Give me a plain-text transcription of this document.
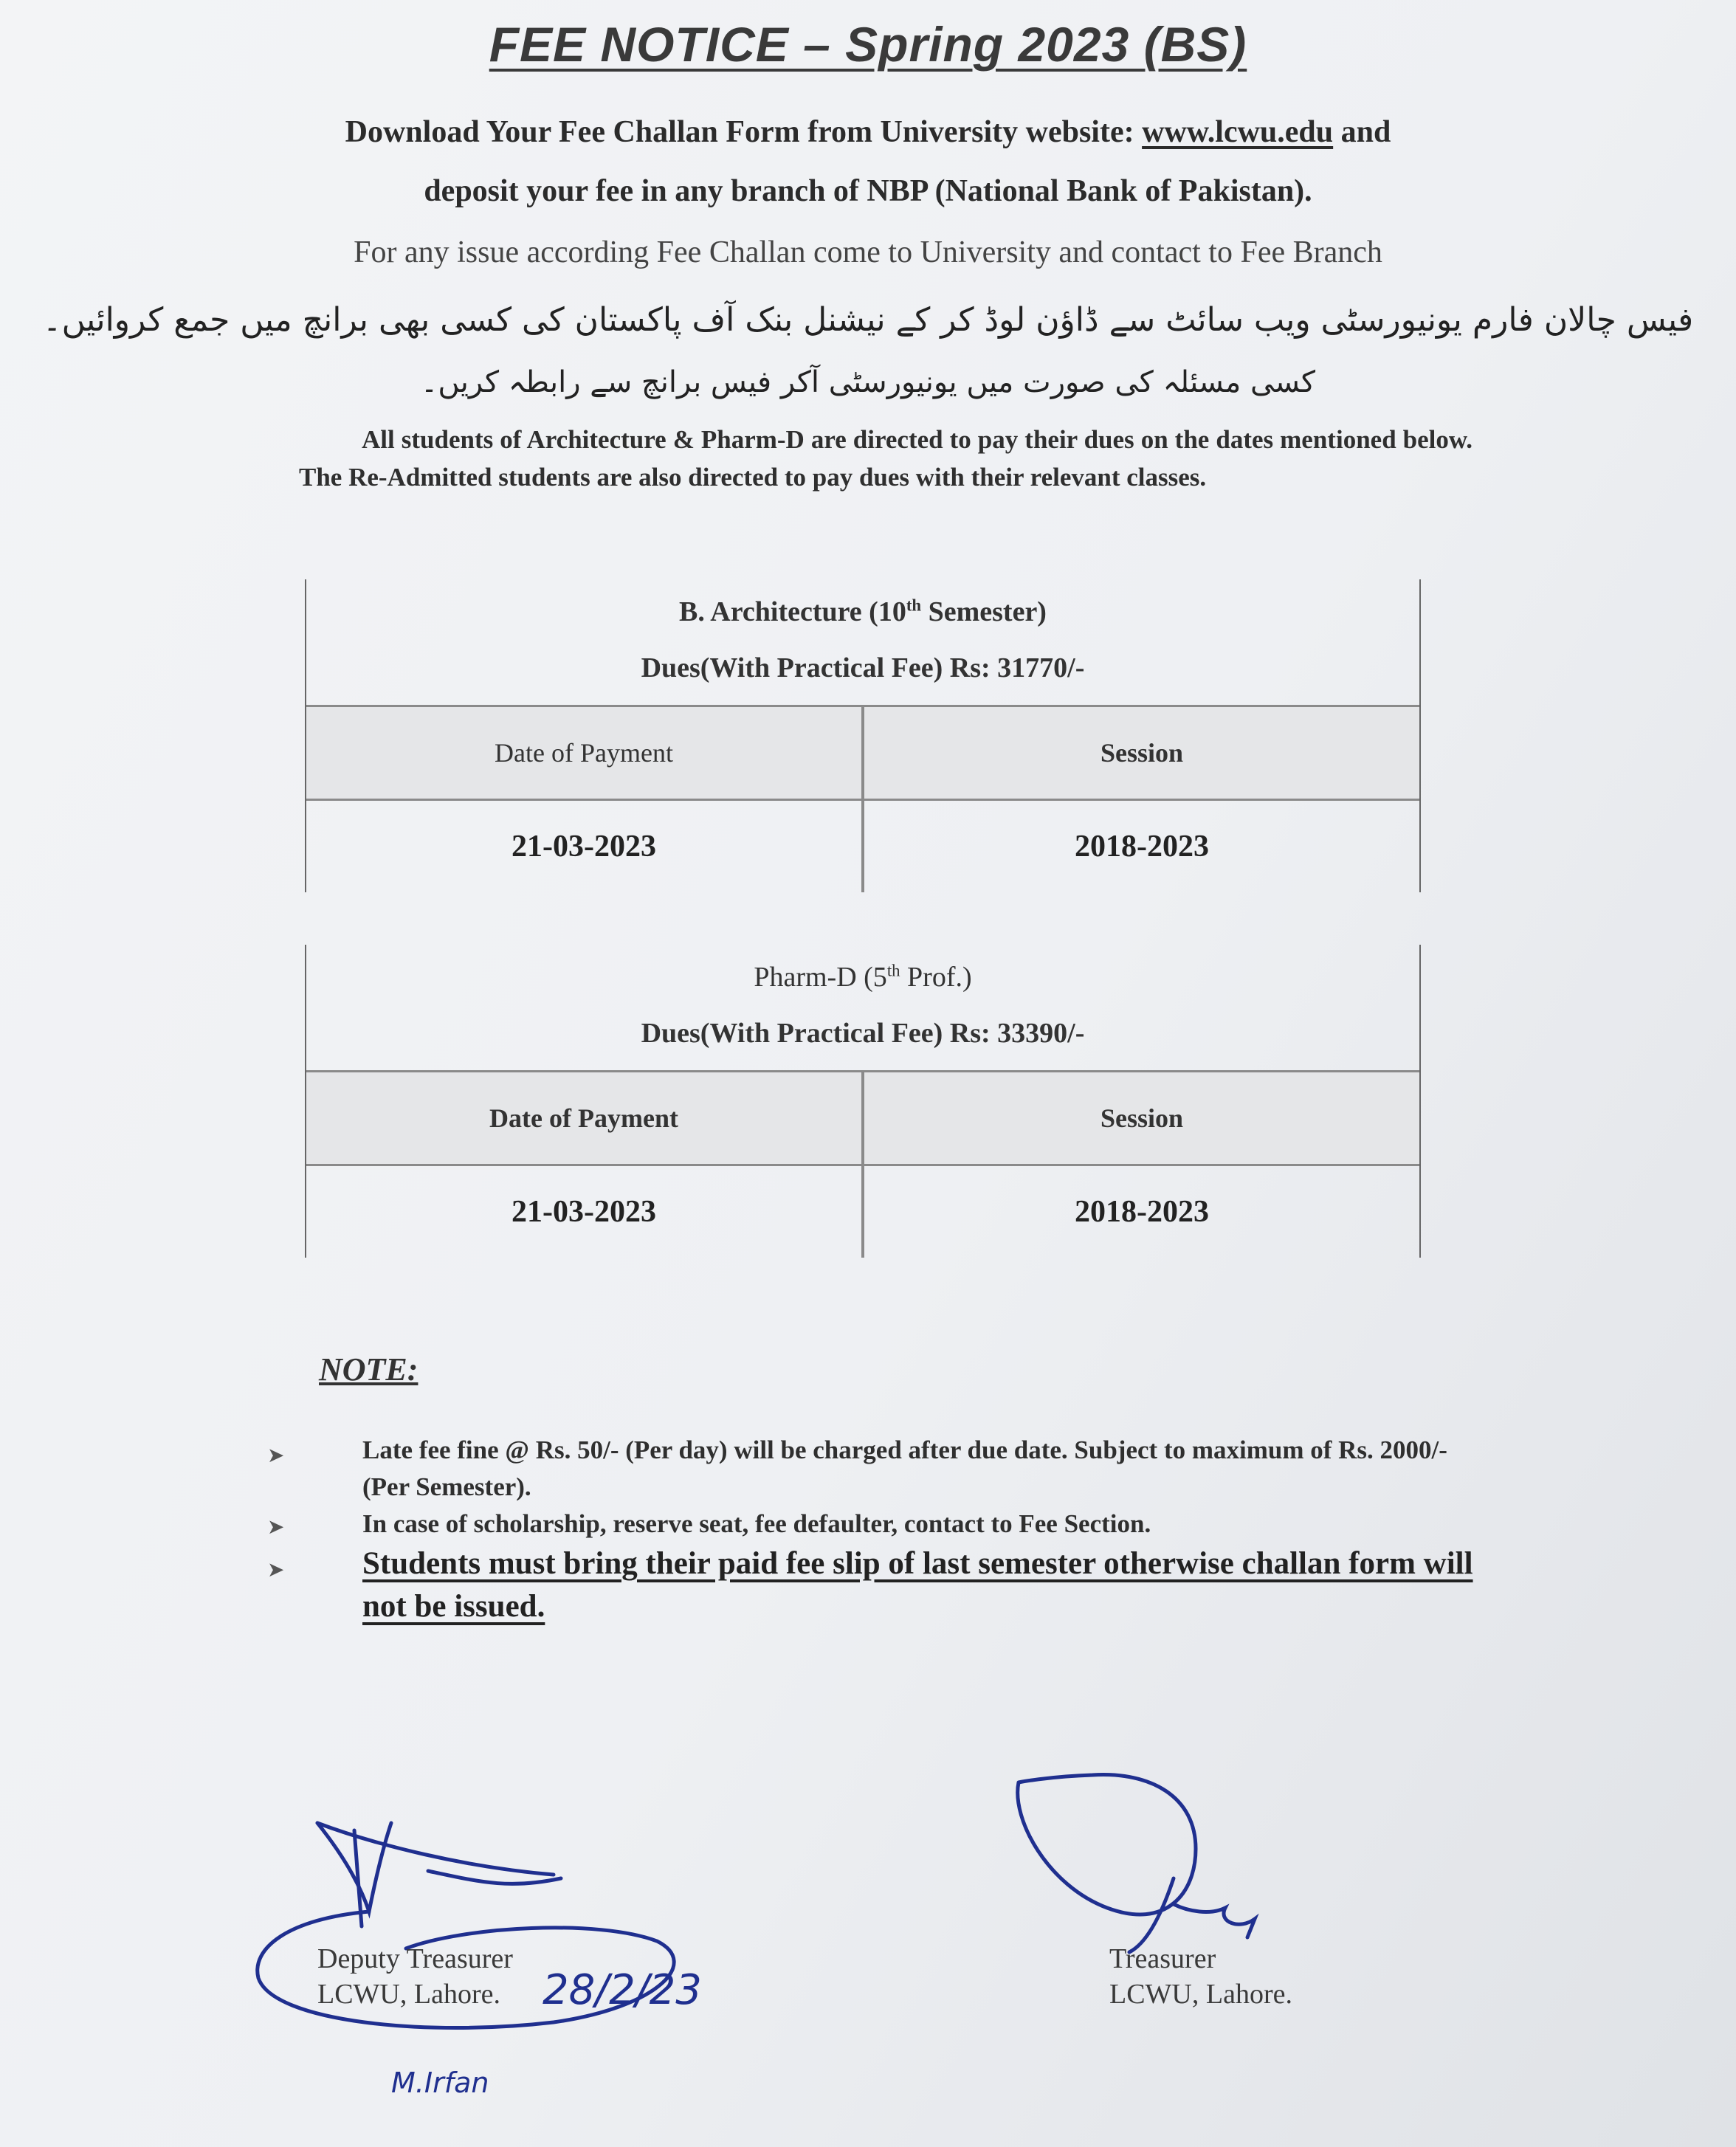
FEE NOTICE – Spring 2023 (BS)
Download Your Fee Challan Form from University website: www.lcwu.edu and
deposit your fee in any branch of NBP (National Bank of Pakistan).
For any issue according Fee Challan come to University and contact to Fee Branch
فیس چالان فارم یونیورسٹی ویب سائٹ سے ڈاؤن لوڈ کر کے نیشنل بنک آف پاکستان کی کسی بھی برانچ میں جمع کروائیں۔
کسی مسئلہ کی صورت میں یونیورسٹی آکر فیس برانچ سے رابطہ کریں۔
All students of Architecture & Pharm-D are directed to pay their dues on the dates mentioned below. The Re-Admitted students are also directed to pay dues with their relevant classes.
B. Architecture (10th Semester)
Dues(With Practical Fee) Rs: 31770/-
Date of Payment	Session
21-03-2023	2018-2023
Pharm-D (5th Prof.)
Dues(With Practical Fee) Rs: 33390/-
Date of Payment	Session
21-03-2023	2018-2023
NOTE:
➤	Late fee fine @ Rs. 50/- (Per day) will be charged after due date. Subject to maximum of Rs. 2000/- (Per Semester).
➤	In case of scholarship, reserve seat, fee defaulter, contact to Fee Section.
➤ Students must bring their paid fee slip of last semester otherwise challan form will not be issued.
28/2/23
M.Irfan
Deputy Treasurer
LCWU, Lahore.
Treasurer
LCWU, Lahore.
